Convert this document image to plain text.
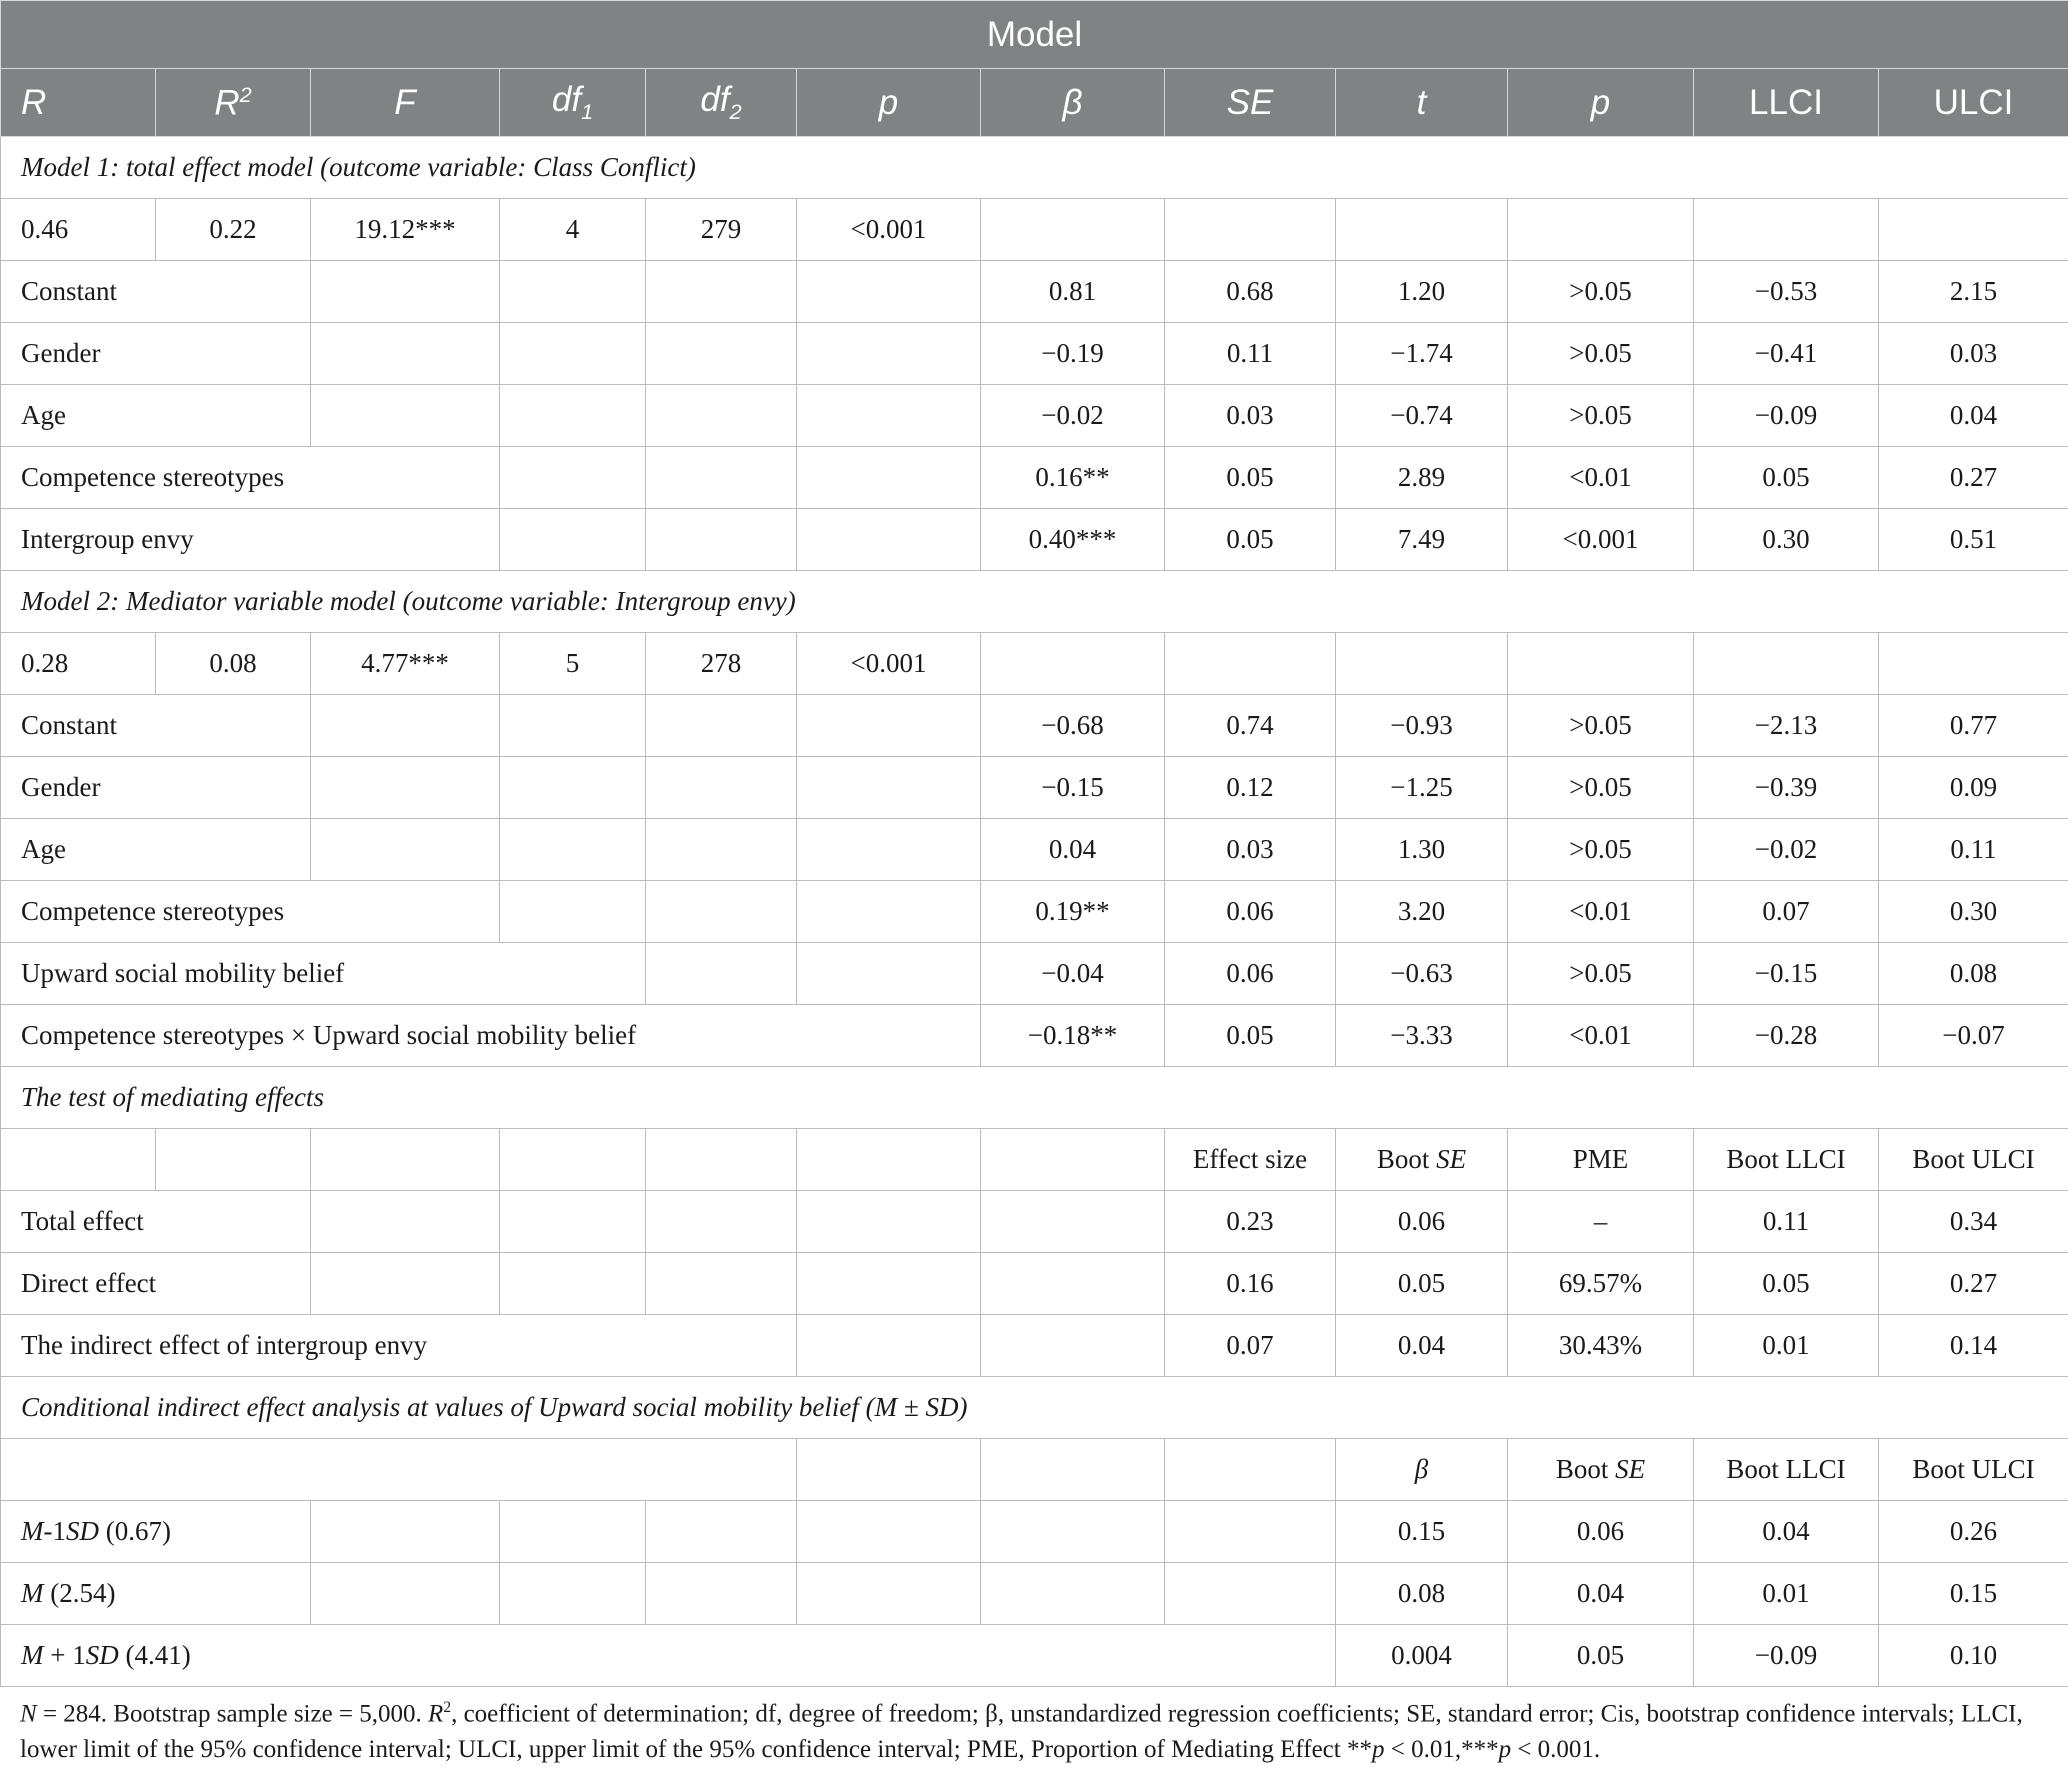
Model											
R	$R^2$	F	$df_1$	$df_2$	p	β	SE	t	p	LLCI	ULCI
Model 1: total effect model (outcome variable: Class Conflict)											
0.46	0.22	19.12***	4	279	<0.001						
Constant						0.81	0.68	1.20	>0.05	−0.53	2.15
Gender						−0.19	0.11	−1.74	>0.05	−0.41	0.03
Age						−0.02	0.03	−0.74	>0.05	−0.09	0.04
Competence stereotypes						0.16**	0.05	2.89	<0.01	0.05	0.27
Intergroup envy						0.40***	0.05	7.49	<0.001	0.30	0.51
Model 2: Mediator variable model (outcome variable: Intergroup envy)											
0.28	0.08	4.77***	5	278	<0.001						
Constant						−0.68	0.74	−0.93	>0.05	−2.13	0.77
Gender						−0.15	0.12	−1.25	>0.05	−0.39	0.09
Age						0.04	0.03	1.30	>0.05	−0.02	0.11
Competence stereotypes						0.19**	0.06	3.20	<0.01	0.07	0.30
Upward social mobility belief						−0.04	0.06	−0.63	>0.05	−0.15	0.08
Competence stereotypes × Upward social mobility belief						−0.18**	0.05	−3.33	<0.01	−0.28	−0.07
The test of mediating effects											
							Effect size	Boot SE	PME	Boot LLCI	Boot ULCI
Total effect							0.23	0.06	–	0.11	0.34
Direct effect							0.16	0.05	69.57%	0.05	0.27
The indirect effect of intergroup envy							0.07	0.04	30.43%	0.01	0.14
Conditional indirect effect analysis at values of Upward social mobility belief (M ± SD)											
								β	Boot SE	Boot LLCI	Boot ULCI
M-1SD (0.67)								0.15	0.06	0.04	0.26
M (2.54)								0.08	0.04	0.01	0.15
M + 1SD (4.41)								0.004	0.05	−0.09	0.10
N = 284. Bootstrap sample size = 5,000. $R^2$, coefficient of determination; df, degree of freedom; β, unstandardized regression coefficients; SE, standard error; Cis, bootstrap confidence intervals; LLCI, lower limit of the 95% confidence interval; ULCI, upper limit of the 95% confidence interval; PME, Proportion of Mediating Effect **p < 0.01,***p < 0.001.
